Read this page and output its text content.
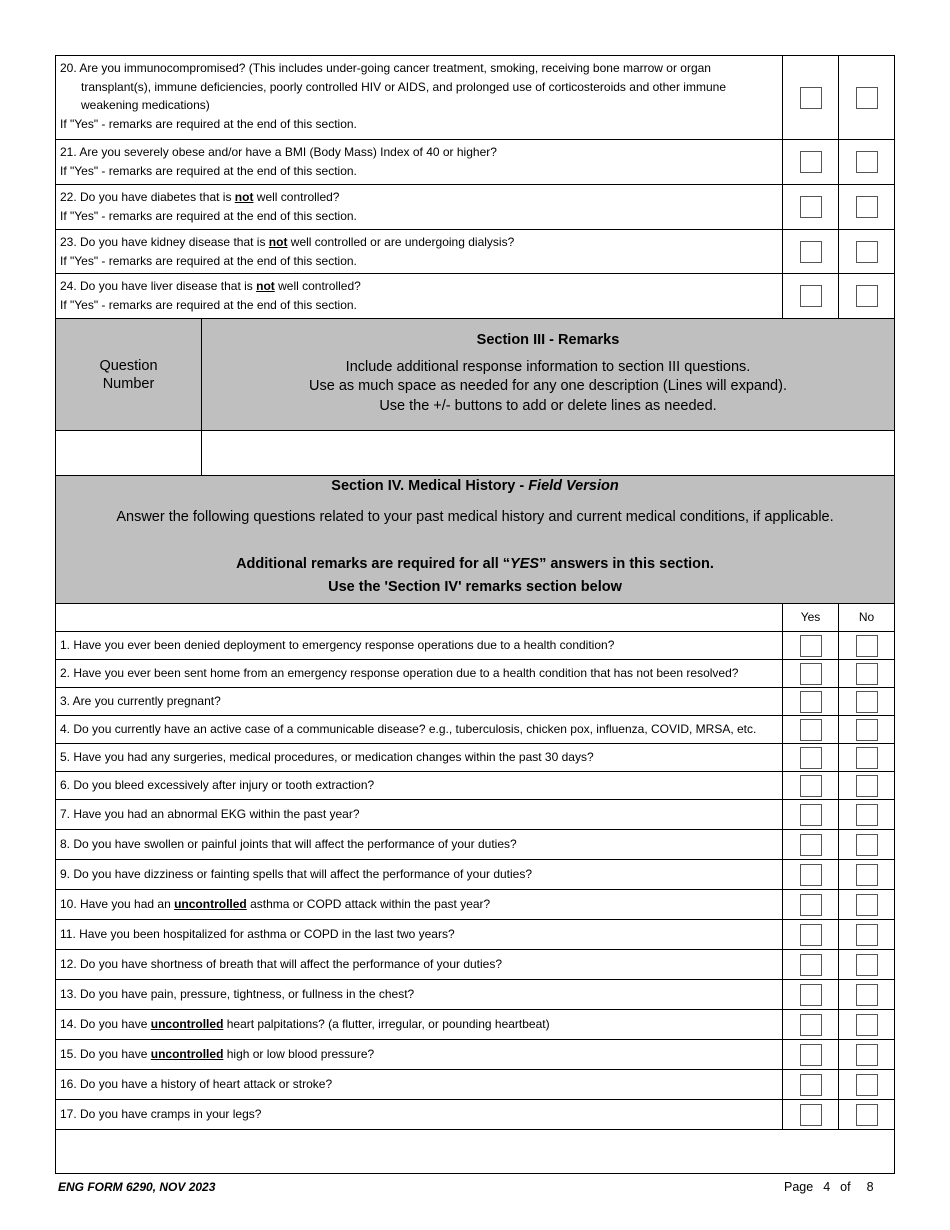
20. Are you immunocompromised? (This includes under-going cancer treatment, smoking, receiving bone marrow or organ
transplant(s), immune deficiencies, poorly controlled HIV or AIDS, and prolonged use of corticosteroids and other immune
weakening medications)
If "Yes" - remarks are required at the end of this section.
21. Are you severely obese and/or have a BMI (Body Mass) Index of 40 or higher?
If "Yes" - remarks are required at the end of this section.
22. Do you have diabetes that is not well controlled?
If "Yes" - remarks are required at the end of this section.
23. Do you have kidney disease that is not well controlled or are undergoing dialysis?
If "Yes" - remarks are required at the end of this section.
24. Do you have liver disease that is not well controlled?
If "Yes" - remarks are required at the end of this section.
Question
Number
Section III - Remarks
Include additional response information to section III questions.
Use as much space as needed for any one description (Lines will expand).
Use the +/- buttons to add or delete lines as needed.
Section IV. Medical History - Field Version
Answer the following questions related to your past medical history and current medical conditions, if applicable.
Additional remarks are required for all “YES” answers in this section.
Use the 'Section IV' remarks section below
Yes	No
1. Have you ever been denied deployment to emergency response operations due to a health condition?
2. Have you ever been sent home from an emergency response operation due to a health condition that has not been resolved?
3. Are you currently pregnant?
4. Do you currently have an active case of a communicable disease? e.g., tuberculosis, chicken pox, influenza, COVID, MRSA, etc.
5. Have you had any surgeries, medical procedures, or medication changes within the past 30 days?
6. Do you bleed excessively after injury or tooth extraction?
7. Have you had an abnormal EKG within the past year?
8. Do you have swollen or painful joints that will affect the performance of your duties?
9. Do you have dizziness or fainting spells that will affect the performance of your duties?
10. Have you had an uncontrolled asthma or COPD attack within the past year?
11. Have you been hospitalized for asthma or COPD in the last two years?
12. Do you have shortness of breath that will affect the performance of your duties?
13. Do you have pain, pressure, tightness, or fullness in the chest?
14. Do you have uncontrolled heart palpitations? (a flutter, irregular, or pounding heartbeat)
15. Do you have uncontrolled high or low blood pressure?
16. Do you have a history of heart attack or stroke?
17. Do you have cramps in your legs?
ENG FORM 6290, NOV 2023	Page 4 of 8
